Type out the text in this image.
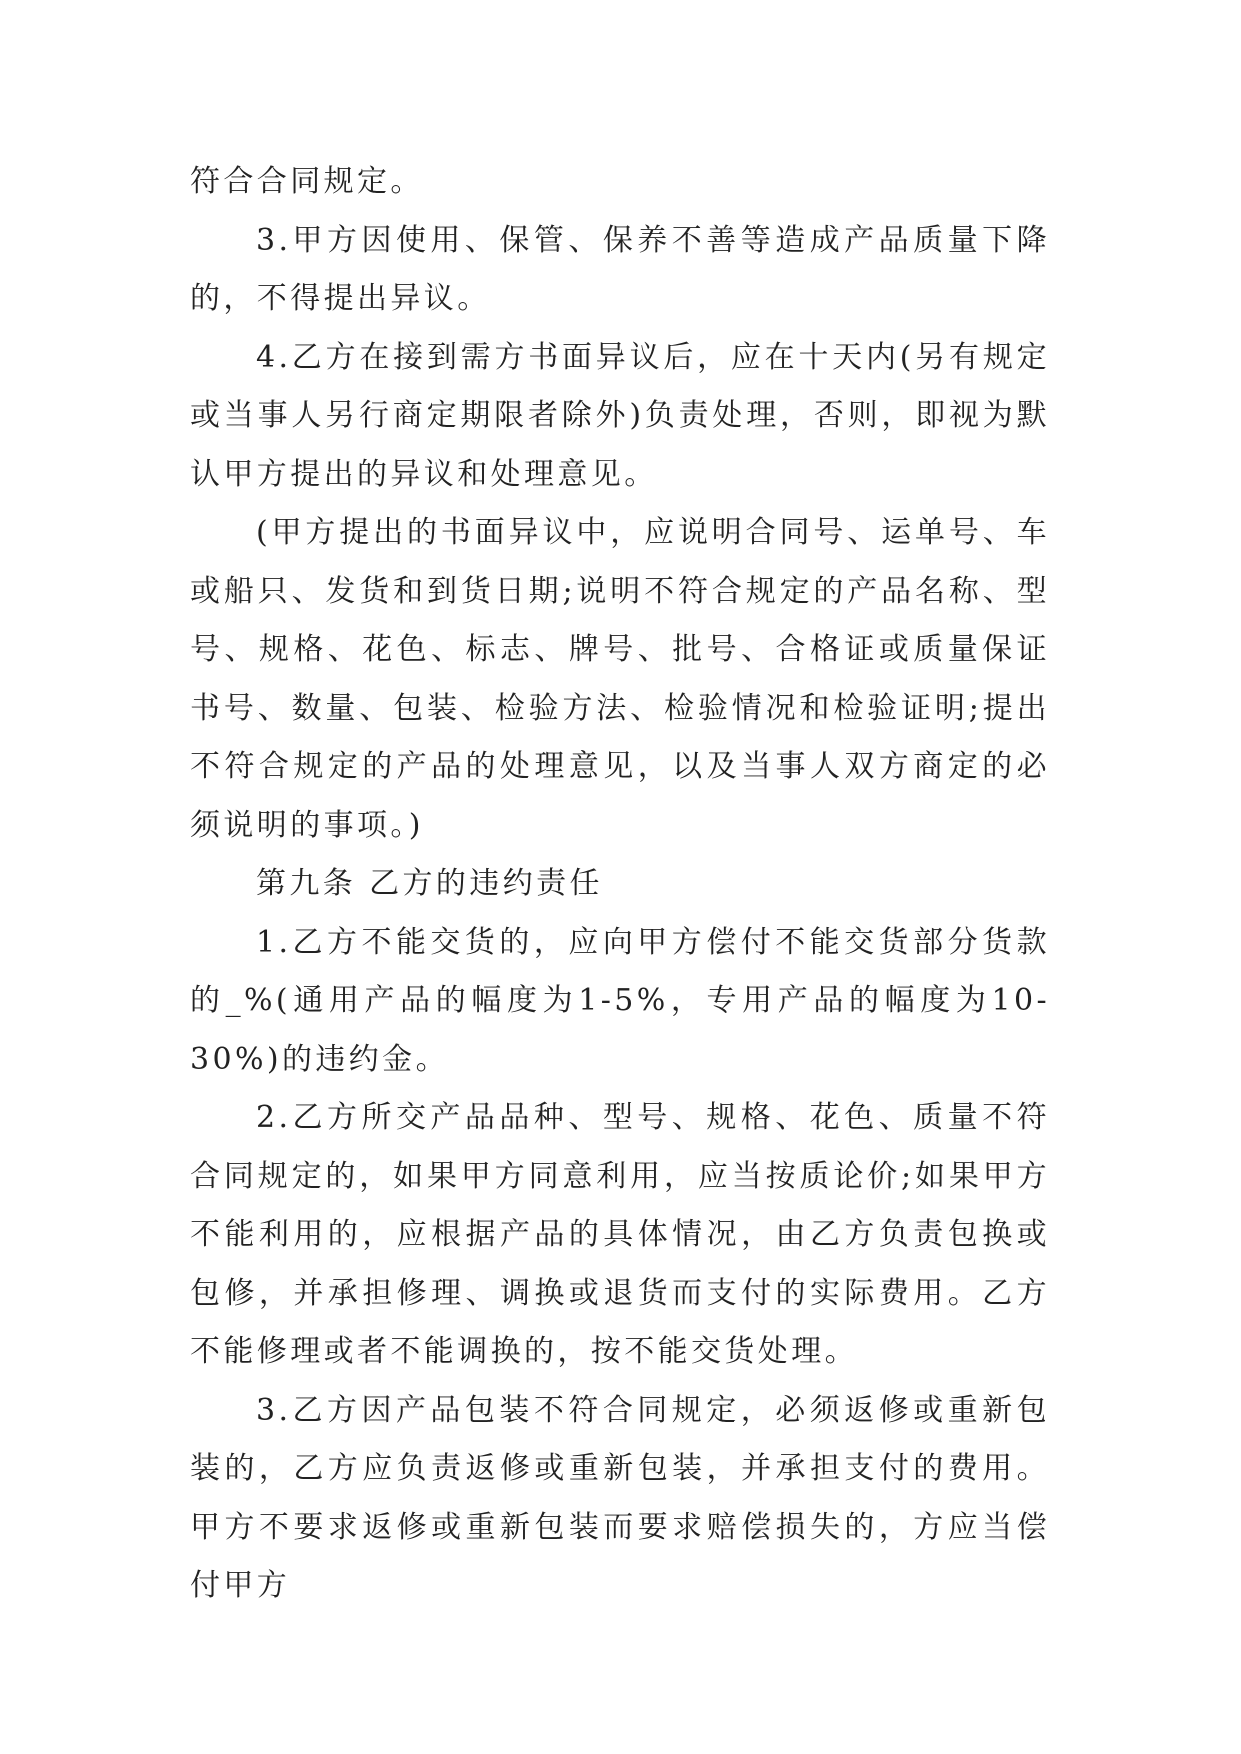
符合合同规定。

3.甲方因使用、保管、保养不善等造成产品质量下降的，不得提出异议。

4.乙方在接到需方书面异议后，应在十天内(另有规定或当事人另行商定期限者除外)负责处理，否则，即视为默认甲方提出的异议和处理意见。

(甲方提出的书面异议中，应说明合同号、运单号、车或船只、发货和到货日期;说明不符合规定的产品名称、型号、规格、花色、标志、牌号、批号、合格证或质量保证书号、数量、包装、检验方法、检验情况和检验证明;提出不符合规定的产品的处理意见，以及当事人双方商定的必须说明的事项。)

第九条 乙方的违约责任

1.乙方不能交货的，应向甲方偿付不能交货部分货款的_%(通用产品的幅度为1-5%，专用产品的幅度为10-30%)的违约金。

2.乙方所交产品品种、型号、规格、花色、质量不符合同规定的，如果甲方同意利用，应当按质论价;如果甲方不能利用的，应根据产品的具体情况，由乙方负责包换或包修，并承担修理、调换或退货而支付的实际费用。乙方不能修理或者不能调换的，按不能交货处理。

3.乙方因产品包装不符合同规定，必须返修或重新包装的，乙方应负责返修或重新包装，并承担支付的费用。甲方不要求返修或重新包装而要求赔偿损失的，方应当偿付甲方
